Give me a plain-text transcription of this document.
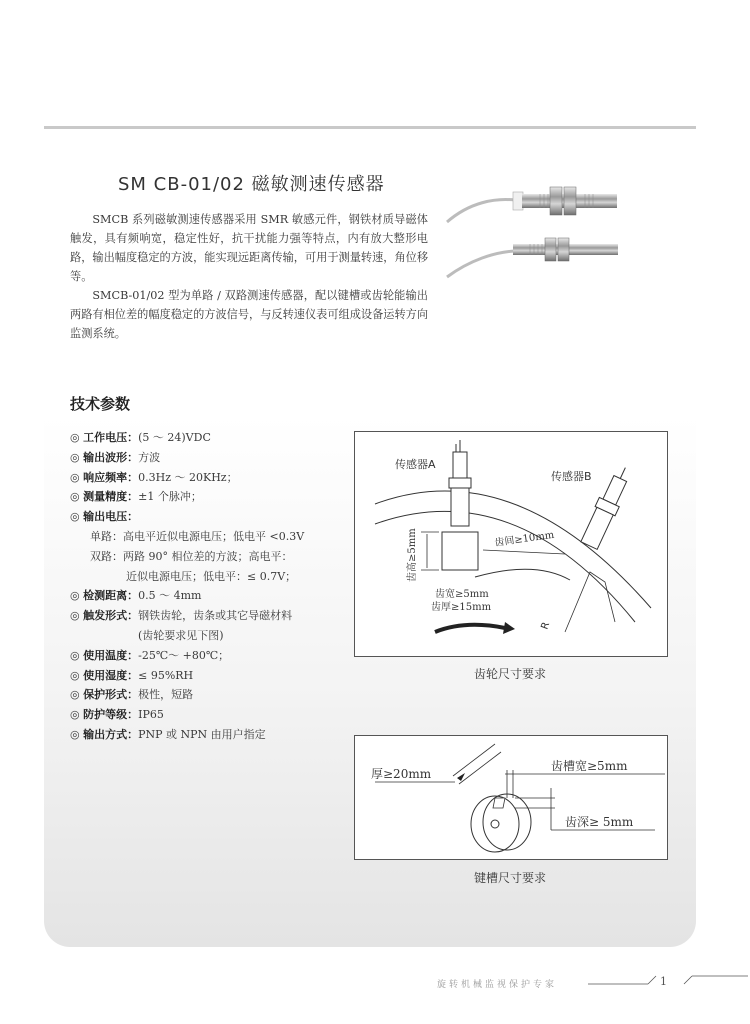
SM CB-01/02 磁敏测速传感器

SMCB 系列磁敏测速传感器采用 SMR 敏感元件，钢铁材质导磁体触发，具有频响宽，稳定性好，抗干扰能力强等特点，内有放大整形电路，输出幅度稳定的方波，能实现远距离传输，可用于测量转速，角位移等。

SMCB-01/02 型为单路 / 双路测速传感器，配以键槽或齿轮能输出两路有相位差的幅度稳定的方波信号，与反转速仪表可组成设备运转方向监测系统。

技术参数
◎ 工作电压：(5 ～ 24)VDC
◎ 输出波形：方波
◎ 响应频率：0.3Hz ～ 20KHz；
◎ 测量精度：±1 个脉冲；
◎ 输出电压：
单路：高电平近似电源电压；低电平 <0.3V
双路：两路 90° 相位差的方波；高电平：
近似电源电压；低电平：≤ 0.7V；
◎ 检测距离：0.5 ～ 4mm
◎ 触发形式：钢铁齿轮，齿条或其它导磁材料
(齿轮要求见下图)
◎ 使用温度：-25℃～ +80℃；
◎ 使用湿度：≤ 95%RH
◎ 保护形式：极性，短路
◎ 防护等级：IP65
◎ 输出方式：PNP 或 NPN 由用户指定
传感器A
传感器B
齿高≥5mm	齿间≥10mm
齿宽≥5mm
齿厚≥15mm
R
齿轮尺寸要求
厚≥20mm
齿槽宽≥5mm
齿深≥ 5mm
键槽尺寸要求
旋转机械监视保护专家	1
